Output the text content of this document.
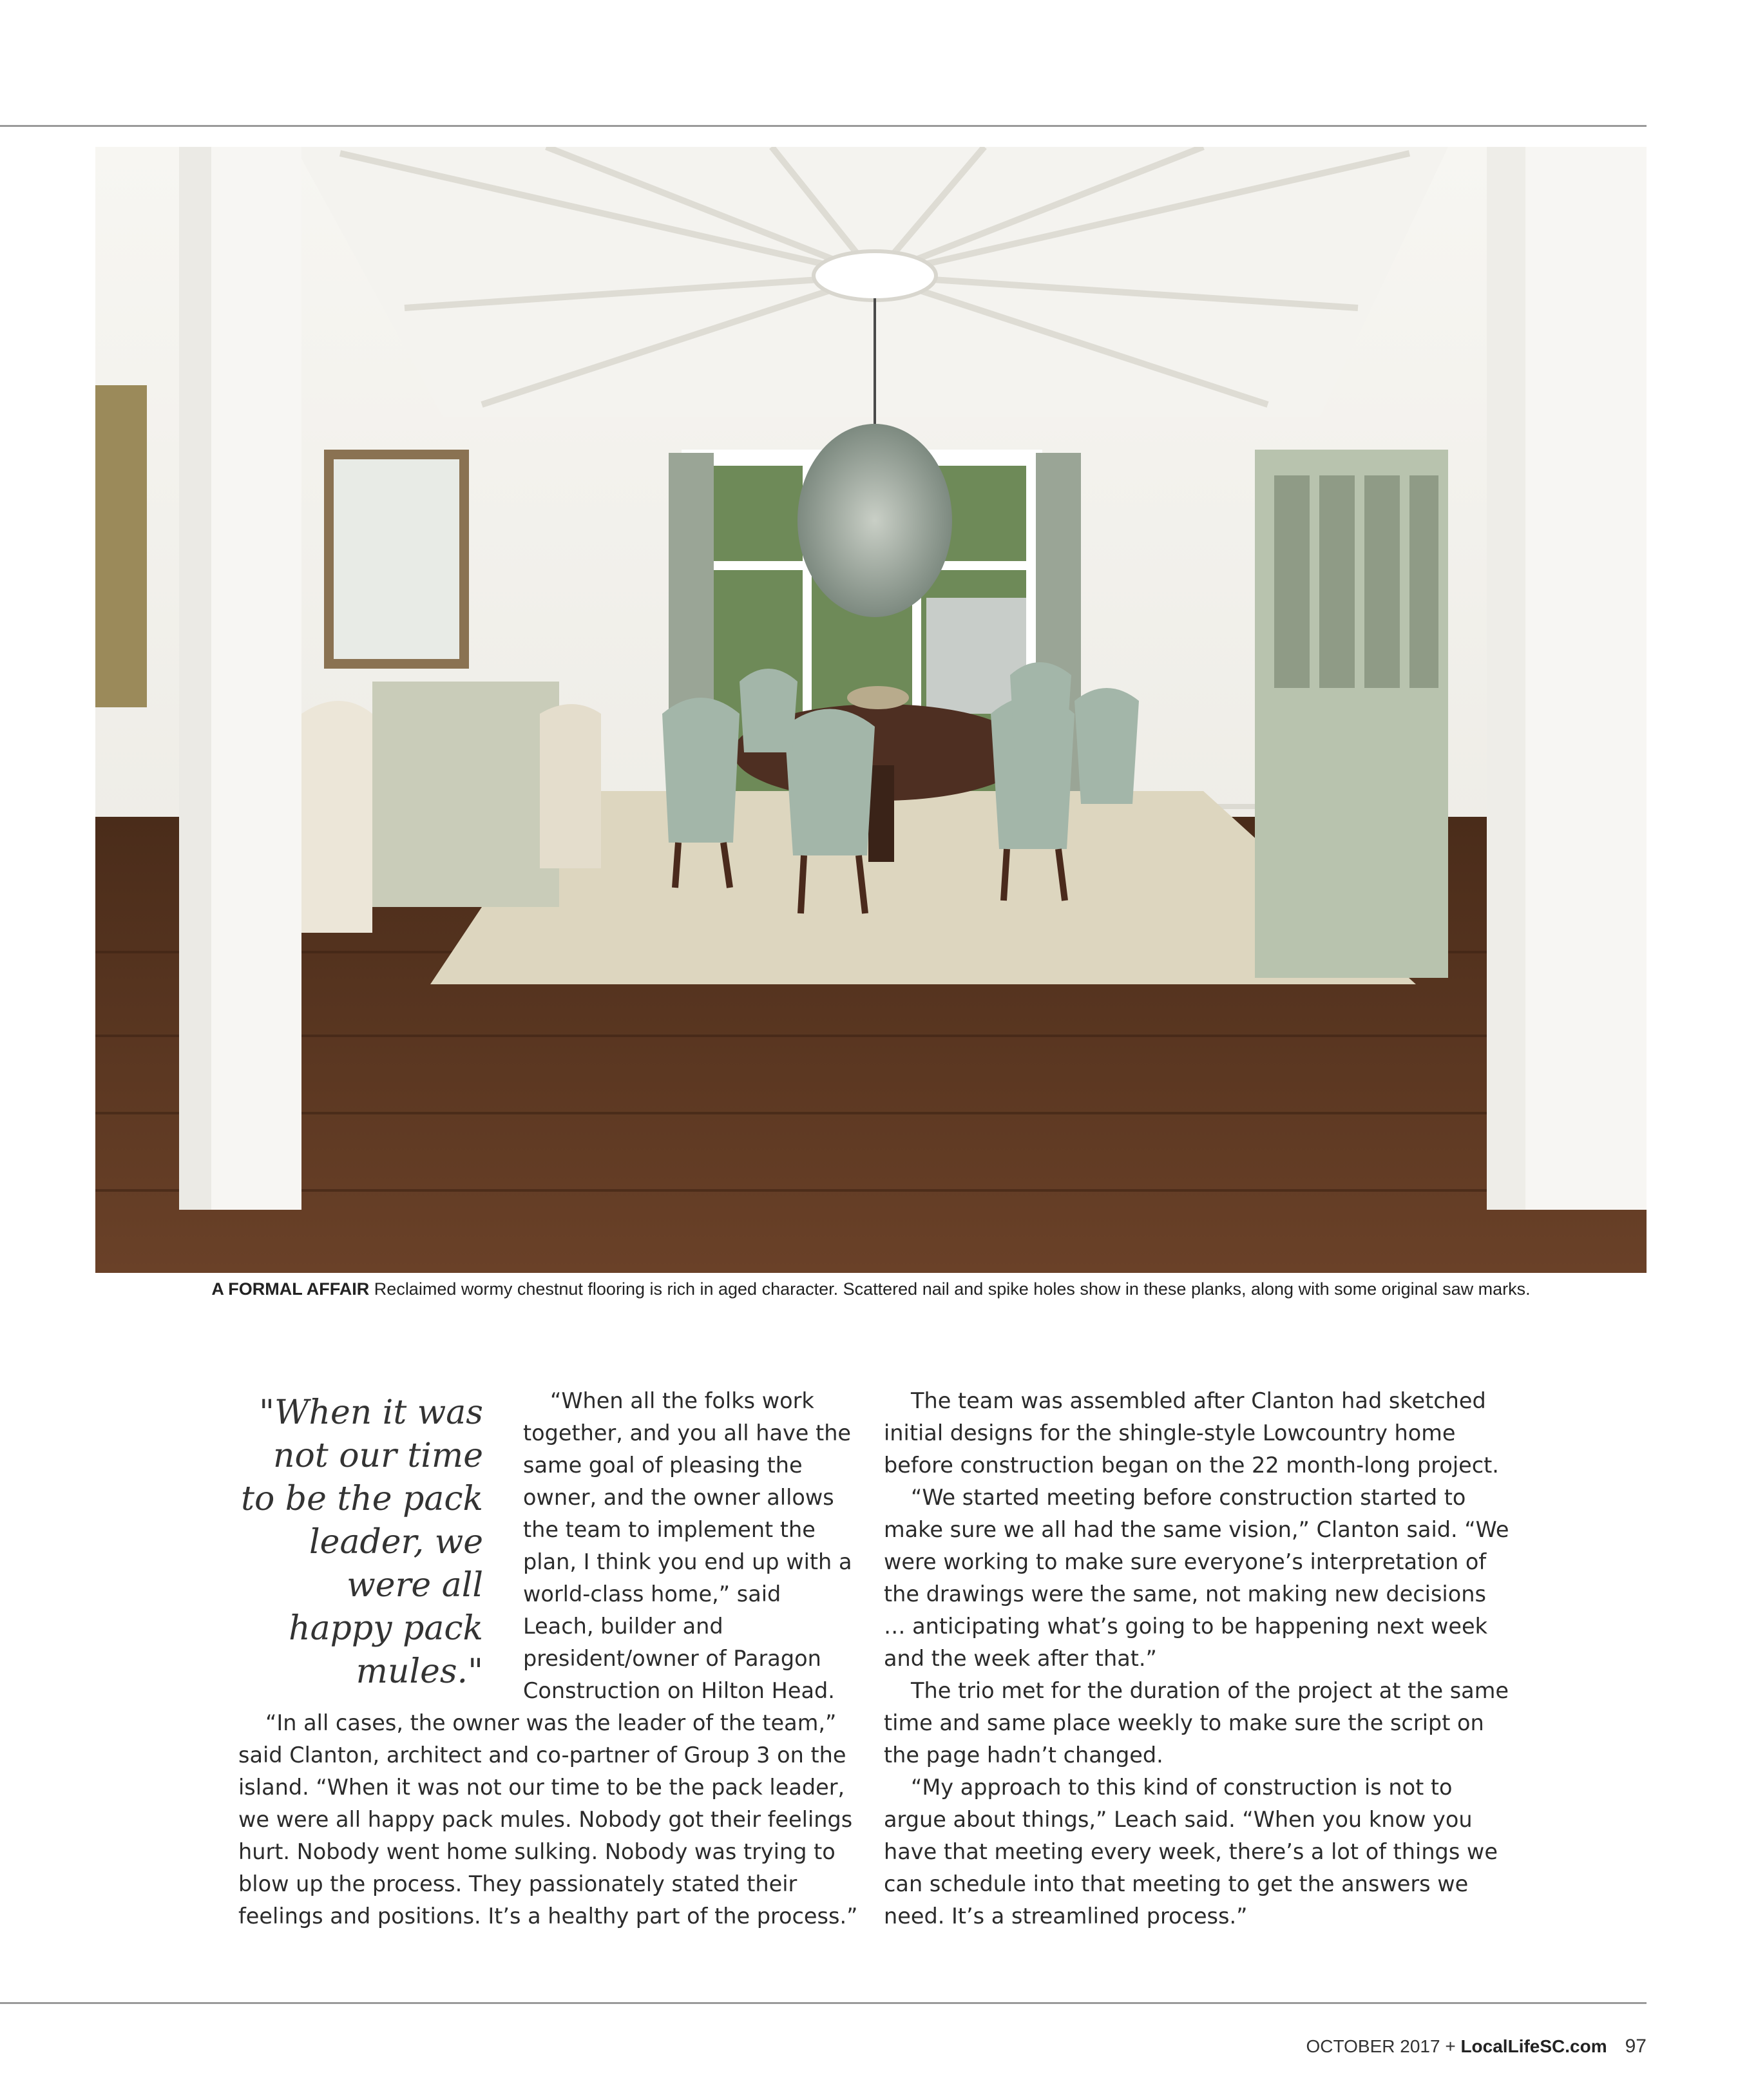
A FORMAL AFFAIR Reclaimed wormy chestnut flooring is rich in aged character. Scattered nail and spike holes show in these planks, along with some original saw marks.
"When it was not our time to be the pack leader, we were all happy pack mules."

“When all the folks work together, and you all have the same goal of pleasing the owner, and the owner allows the team to implement the plan, I think you end up with a world-class home,” said Leach, builder and president/owner of Paragon Construction on Hilton Head.

“In all cases, the owner was the leader of the team,” said Clanton, architect and co-partner of Group 3 on the island. “When it was not our time to be the pack leader, we were all happy pack mules. Nobody got their feelings hurt. Nobody went home sulking. Nobody was trying to blow up the process. They passionately stated their feelings and positions. It’s a healthy part of the process.”

The team was assembled after Clanton had sketched initial designs for the shingle-style Lowcountry home before construction began on the 22 month-long project.

“We started meeting before construction started to make sure we all had the same vision,” Clanton said. “We were working to make sure everyone’s interpretation of the drawings were the same, not making new decisions … anticipating what’s going to be happening next week and the week after that.”

The trio met for the duration of the project at the same time and same place weekly to make sure the script on the page hadn’t changed.

“My approach to this kind of construction is not to argue about things,” Leach said. “When you know you have that meeting every week, there’s a lot of things we can schedule into that meeting to get the answers we need. It’s a streamlined process.”

OCTOBER 2017 + LocalLifeSC.com 97
